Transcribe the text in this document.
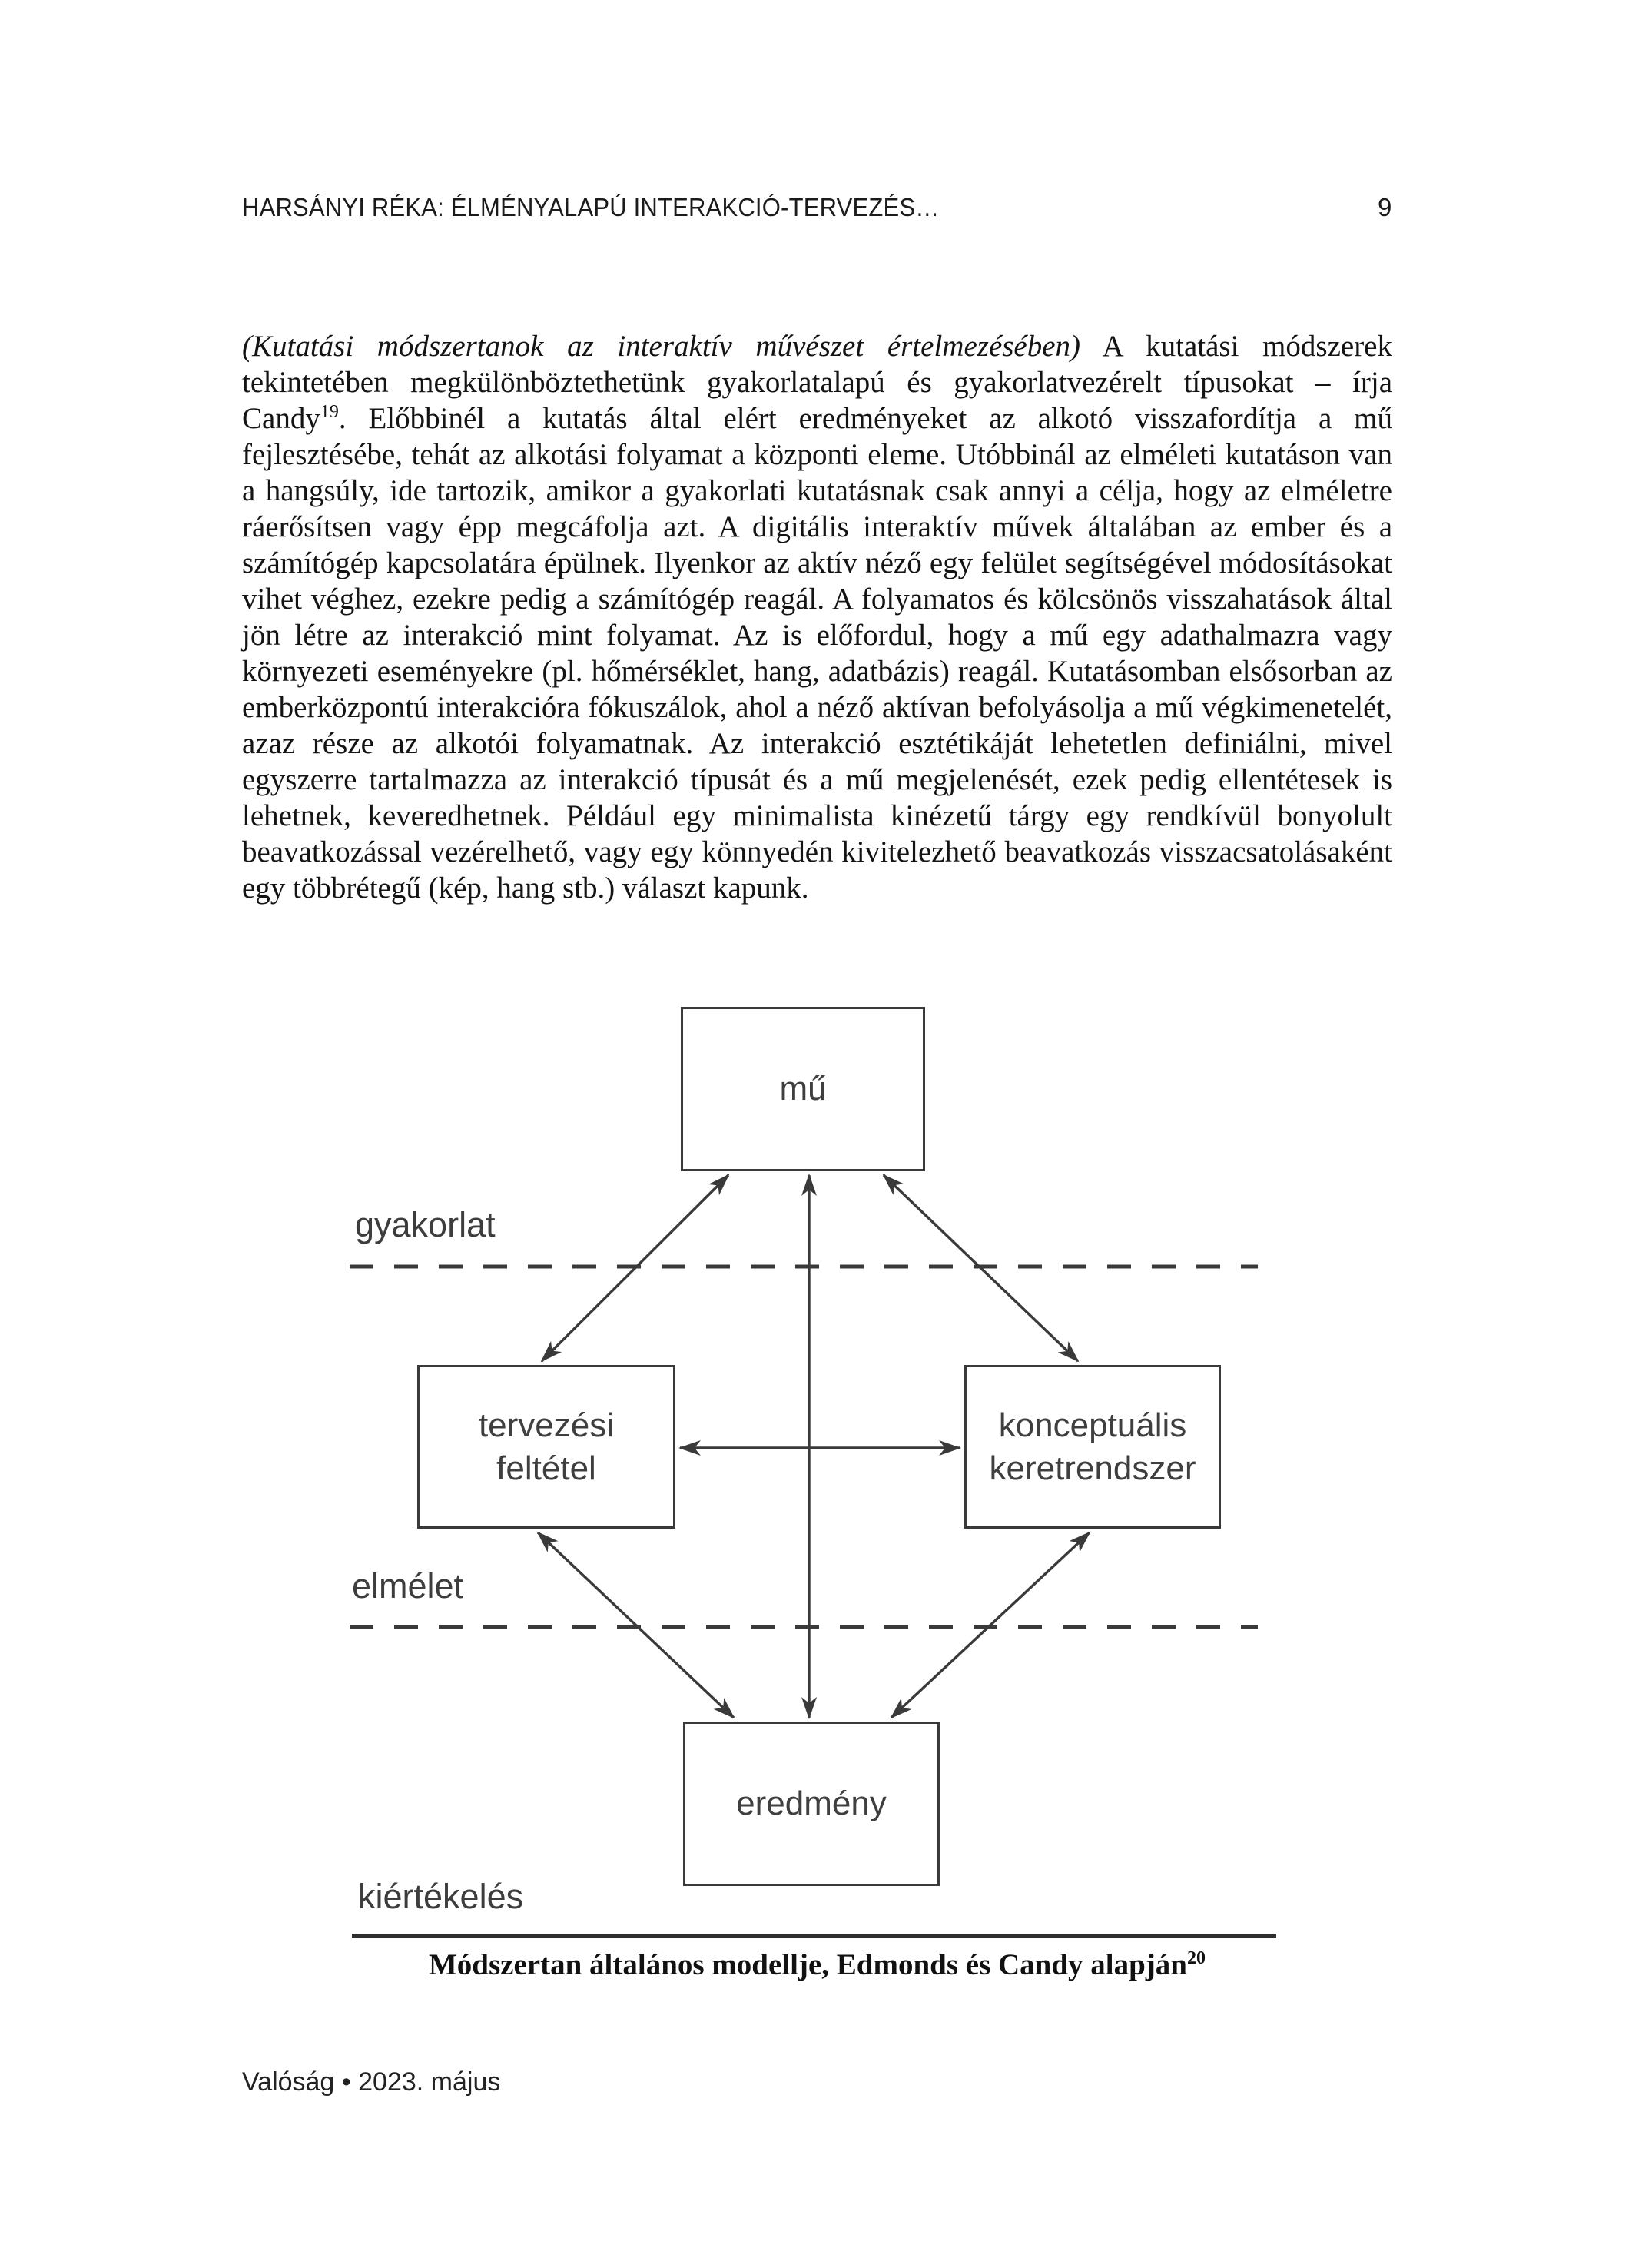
HARSÁNYI RÉKA: ÉLMÉNYALAPÚ INTERAKCIÓ-TERVEZÉS…	9

(Kutatási módszertanok az interaktív művészet értelmezésében) A kutatási módszerek tekintetében megkülönböztethetünk gyakorlatalapú és gyakorlatvezérelt típusokat – írja Candy$^{19}$. Előbbinél a kutatás által elért eredményeket az alkotó visszafordítja a mű fejlesztésébe, tehát az alkotási folyamat a központi eleme. Utóbbinál az elméleti kutatáson van a hangsúly, ide tartozik, amikor a gyakorlati kutatásnak csak annyi a célja, hogy az elméletre ráerősítsen vagy épp megcáfolja azt. A digitális interaktív művek általában az ember és a számítógép kapcsolatára épülnek. Ilyenkor az aktív néző egy felület segítségével módosításokat vihet véghez, ezekre pedig a számítógép reagál. A folyamatos és kölcsönös visszahatások által jön létre az interakció mint folyamat. Az is előfordul, hogy a mű egy adathalmazra vagy környezeti eseményekre (pl. hőmérséklet, hang, adatbázis) reagál. Kutatásomban elsősorban az emberközpontú interakcióra fókuszálok, ahol a néző aktívan befolyásolja a mű végkimenetelét, azaz része az alkotói folyamatnak. Az interakció esztétikáját lehetetlen definiálni, mivel egyszerre tartalmazza az interakció típusát és a mű megjelenését, ezek pedig ellentétesek is lehetnek, keveredhetnek. Például egy minimalista kinézetű tárgy egy rendkívül bonyolult beavatkozással vezérelhető, vagy egy könnyedén kivitelezhető beavatkozás visszacsatolásaként egy többrétegű (kép, hang stb.) választ kapunk.

mű
tervezési
feltétel
konceptuális
keretrendszer
eredmény
gyakorlat
elmélet
kiértékelés
Módszertan általános modellje, Edmonds és Candy alapján$^{20}$
Valóság • 2023. május
